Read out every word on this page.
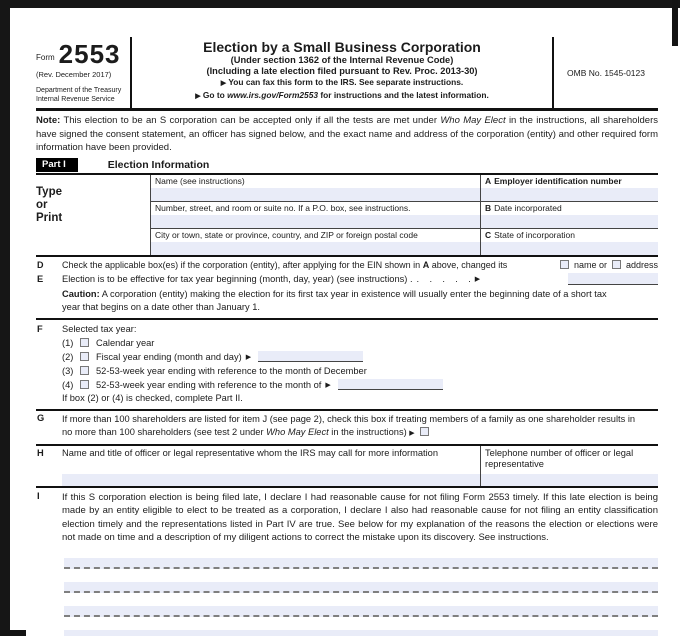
Form 2553
(Rev. December 2017)
Department of the Treasury
Internal Revenue Service
Election by a Small Business Corporation
(Under section 1362 of the Internal Revenue Code)
(Including a late election filed pursuant to Rev. Proc. 2013-30)
▶ You can fax this form to the IRS. See separate instructions.
▶ Go to www.irs.gov/Form2553 for instructions and the latest information.
OMB No. 1545-0123
Note: This election to be an S corporation can be accepted only if all the tests are met under Who May Elect in the instructions, all shareholders have signed the consent statement, an officer has signed below, and the exact name and address of the corporation (entity) and other required form information have been provided.
Part I	Election Information
Type
or
Print
Name (see instructions)	A Employer identification number
Number, street, and room or suite no. If a P.O. box, see instructions.	B Date incorporated
City or town, state or province, country, and ZIP or foreign postal code	C State of incorporation
D	Check the applicable box(es) if the corporation (entity), after applying for the EIN shown in A above, changed its	name or address
E	Election is to be effective for tax year beginning (month, day, year) (see instructions) . .    .    .    .    . ▶
Caution: A corporation (entity) making the election for its first tax year in existence will usually enter the beginning date of a short tax year that begins on a date other than January 1.
F	Selected tax year:
(1)	Calendar year
(2)	Fiscal year ending (month and day) ▶
(3)	52-53-week year ending with reference to the month of December
(4)	52-53-week year ending with reference to the month of ▶
If box (2) or (4) is checked, complete Part II.
G	If more than 100 shareholders are listed for item J (see page 2), check this box if treating members of a family as one shareholder results in no more than 100 shareholders (see test 2 under Who May Elect in the instructions) ▶
H	Name and title of officer or legal representative whom the IRS may call for more information	Telephone number of officer or legal representative
I	If this S corporation election is being filed late, I declare I had reasonable cause for not filing Form 2553 timely. If this late election is being made by an entity eligible to elect to be treated as a corporation, I declare I also had reasonable cause for not filing an entity classification election timely and the representations listed in Part IV are true. See below for my explanation of the reasons the election or elections were not made on time and a description of my diligent actions to correct the mistake upon its discovery. See instructions.
